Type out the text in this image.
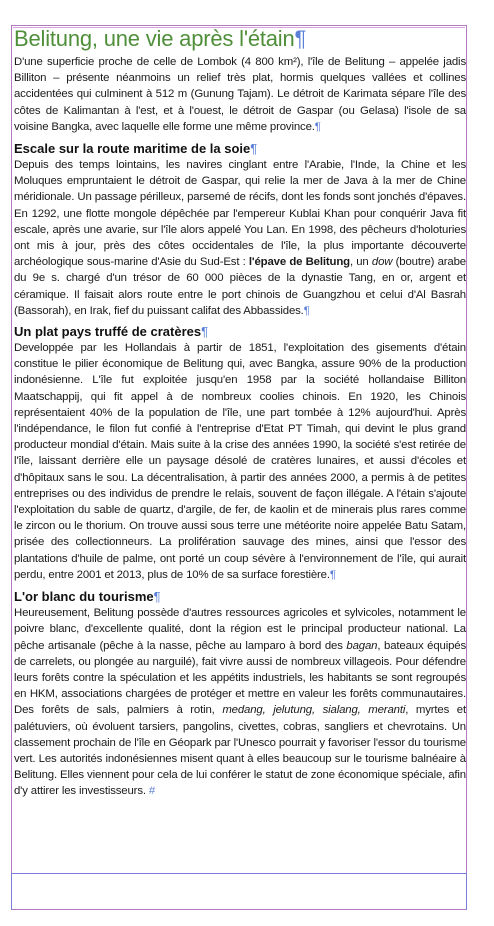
Belitung, une vie après l'étain¶

D'une superficie proche de celle de Lombok (4 800 km²), l'île de Belitung – appelée jadis Billiton – présente néanmoins un relief très plat, hormis quelques vallées et collines accidentées qui culminent à 512 m (Gunung Tajam). Le détroit de Karimata sépare l'île des côtes de Kalimantan à l'est, et à l'ouest, le détroit de Gaspar (ou Gelasa) l'isole de sa voisine Bangka, avec laquelle elle forme une même province.¶

Escale sur la route maritime de la soie¶

Depuis des temps lointains, les navires cinglant entre l'Arabie, l'Inde, la Chine et les Moluques empruntaient le détroit de Gaspar, qui relie la mer de Java à la mer de Chine méridionale. Un passage périlleux, parsemé de récifs, dont les fonds sont jonchés d'épaves. En 1292, une flotte mongole dépêchée par l'empereur Kublai Khan pour conquérir Java fit escale, après une avarie, sur l'île alors appelé You Lan. En 1998, des pêcheurs d'holoturies ont mis à jour, près des côtes occidentales de l'île, la plus importante découverte archéologique sous-marine d'Asie du Sud-Est : l'épave de Belitung, un dow (boutre) arabe du 9e s. chargé d'un trésor de 60 000 pièces de la dynastie Tang, en or, argent et céramique. Il faisait alors route entre le port chinois de Guangzhou et celui d'Al Basrah (Bassorah), en Irak, fief du puissant califat des Abbassides.¶

Un plat pays truffé de cratères¶

Developpée par les Hollandais à partir de 1851, l'exploitation des gisements d'étain constitue le pilier économique de Belitung qui, avec Bangka, assure 90% de la production indonésienne. L'île fut exploitée jusqu'en 1958 par la société hollandaise Billiton Maatschappij, qui fit appel à de nombreux coolies chinois. En 1920, les Chinois représentaient 40% de la population de l'île, une part tombée à 12% aujourd'hui. Après l'indépendance, le filon fut confié à l'entreprise d'Etat PT Timah, qui devint le plus grand producteur mondial d'étain. Mais suite à la crise des années 1990, la société s'est retirée de l'île, laissant derrière elle un paysage désolé de cratères lunaires, et aussi d'écoles et d'hôpitaux sans le sou. La décentralisation, à partir des années 2000, a permis à de petites entreprises ou des individus de prendre le relais, souvent de façon illégale. A l'étain s'ajoute l'exploitation du sable de quartz, d'argile, de fer, de kaolin et de minerais plus rares comme le zircon ou le thorium. On trouve aussi sous terre une météorite noire appelée Batu Satam, prisée des collectionneurs. La prolifération sauvage des mines, ainsi que l'essor des plantations d'huile de palme, ont porté un coup sévère à l'environnement de l'île, qui aurait perdu, entre 2001 et 2013, plus de 10% de sa surface forestière.¶

L'or blanc du tourisme¶

Heureusement, Belitung possède d'autres ressources agricoles et sylvicoles, notamment le poivre blanc, d'excellente qualité, dont la région est le principal producteur national. La pêche artisanale (pêche à la nasse, pêche au lamparo à bord des bagan, bateaux équipés de carrelets, ou plongée au narguilé), fait vivre aussi de nombreux villageois. Pour défendre leurs forêts contre la spéculation et les appétits industriels, les habitants se sont regroupés en HKM, associations chargées de protéger et mettre en valeur les forêts communautaires. Des forêts de sals, palmiers à rotin, medang, jelutung, sialang, meranti, myrtes et palétuviers, où évoluent tarsiers, pangolins, civettes, cobras, sangliers et chevrotains. Un classement prochain de l'île en Géopark par l'Unesco pourrait y favoriser l'essor du tourisme vert. Les autorités indonésiennes misent quant à elles beaucoup sur le tourisme balnéaire à Belitung. Elles viennent pour cela de lui conférer le statut de zone économique spéciale, afin d'y attirer les investisseurs. #
